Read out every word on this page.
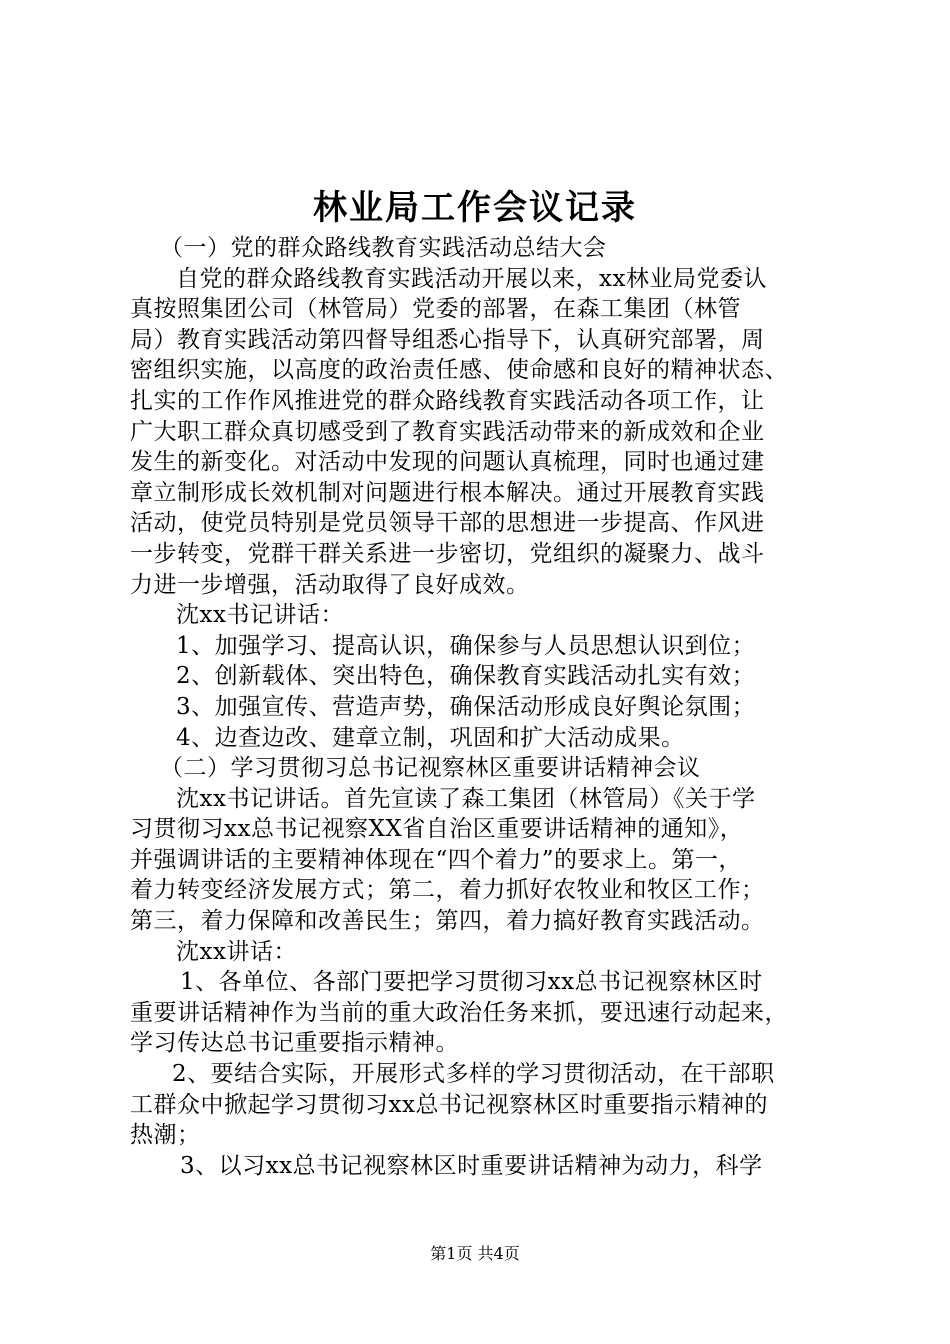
林业局工作会议记录
（一）党的群众路线教育实践活动总结大会
自党的群众路线教育实践活动开展以来，xx林业局党委认
真按照集团公司（林管局）党委的部署，在森工集团（林管
局）教育实践活动第四督导组悉心指导下，认真研究部署，周
密组织实施，以高度的政治责任感、使命感和良好的精神状态、
扎实的工作作风推进党的群众路线教育实践活动各项工作，让
广大职工群众真切感受到了教育实践活动带来的新成效和企业
发生的新变化。对活动中发现的问题认真梳理，同时也通过建
章立制形成长效机制对问题进行根本解决。通过开展教育实践
活动，使党员特别是党员领导干部的思想进一步提高、作风进
一步转变，党群干群关系进一步密切，党组织的凝聚力、战斗
力进一步增强，活动取得了良好成效。
沈xx书记讲话：
1、加强学习、提高认识，确保参与人员思想认识到位；
2、创新载体、突出特色，确保教育实践活动扎实有效；
3、加强宣传、营造声势，确保活动形成良好舆论氛围；
4、边查边改、建章立制，巩固和扩大活动成果。
（二）学习贯彻习总书记视察林区重要讲话精神会议
沈xx书记讲话。首先宣读了森工集团（林管局）《关于学
习贯彻习xx总书记视察XX省自治区重要讲话精神的通知》，
并强调讲话的主要精神体现在“四个着力”的要求上。第一，
着力转变经济发展方式；第二，着力抓好农牧业和牧区工作；
第三，着力保障和改善民生；第四，着力搞好教育实践活动。
沈xx讲话：
1、各单位、各部门要把学习贯彻习xx总书记视察林区时
重要讲话精神作为当前的重大政治任务来抓，要迅速行动起来，
学习传达总书记重要指示精神。
2、要结合实际，开展形式多样的学习贯彻活动，在干部职
工群众中掀起学习贯彻习xx总书记视察林区时重要指示精神的
热潮；
3、以习xx总书记视察林区时重要讲话精神为动力，科学
第1页 共4页
